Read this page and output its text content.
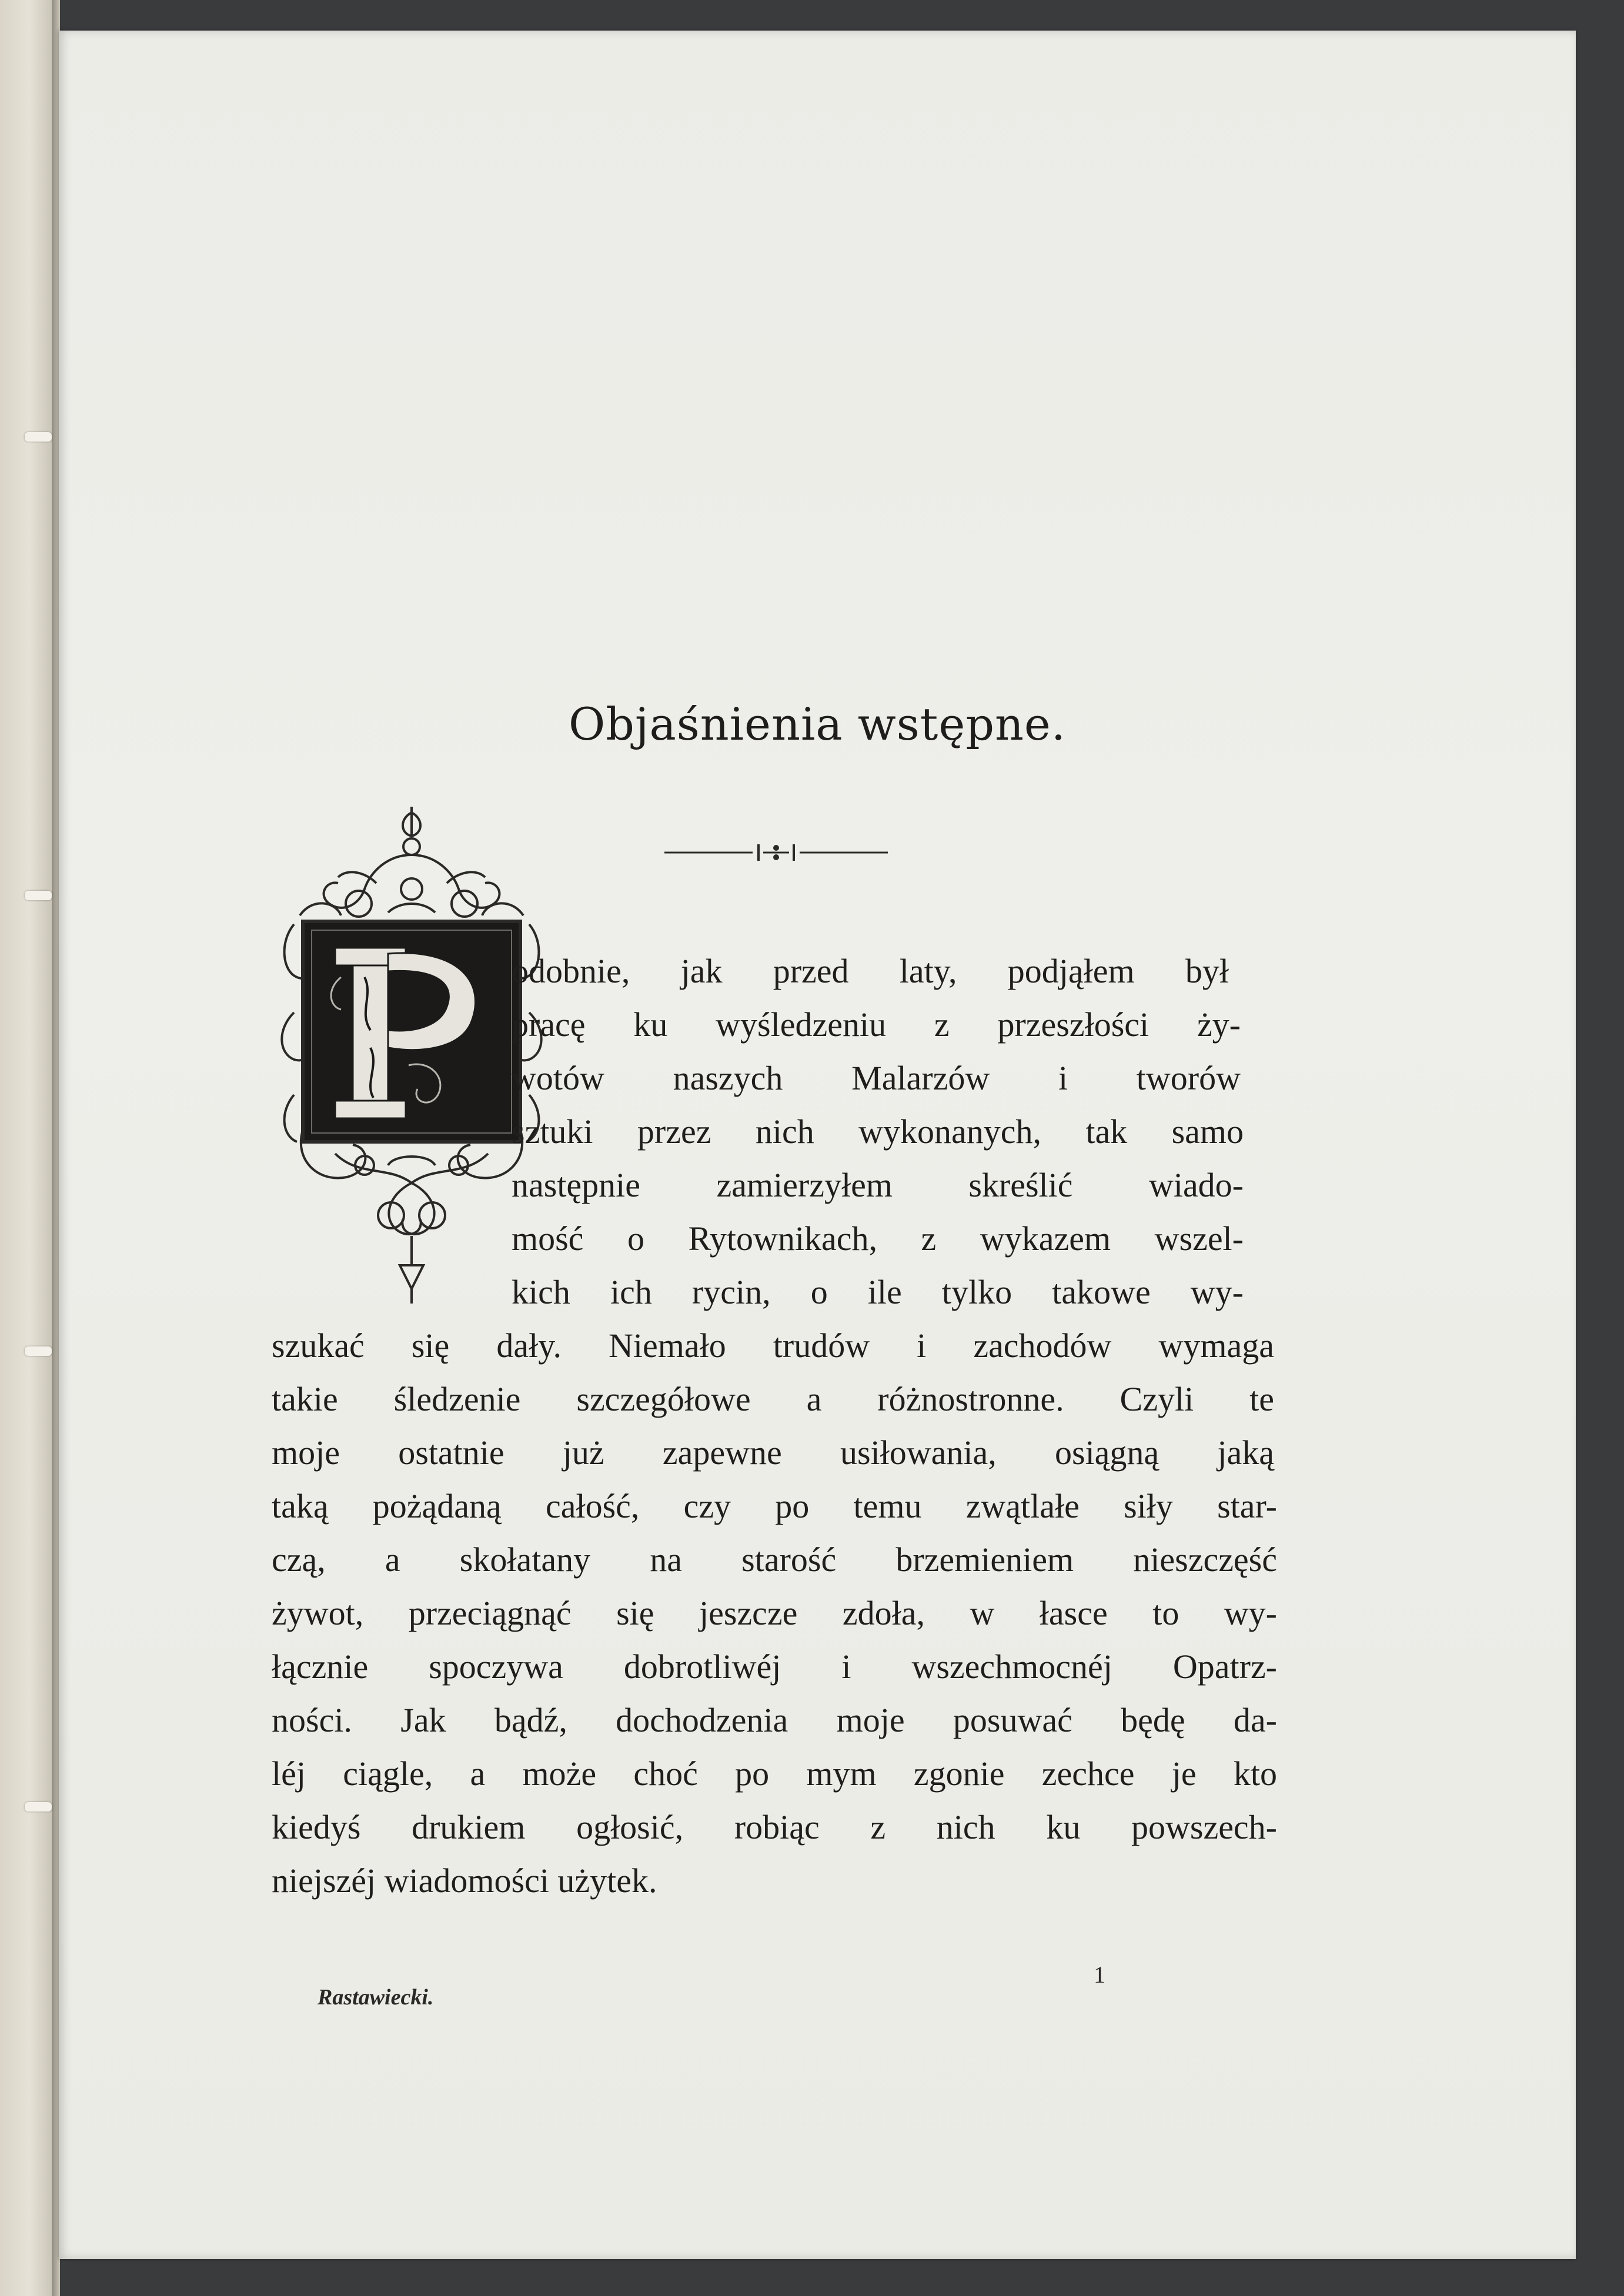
Objaśnienia wstępne.
odobnie, jak przed laty, podjąłem był
pracę ku wyśledzeniu z przeszłości ży-
wotów naszych Malarzów i tworów
sztuki przez nich wykonanych, tak samo
następnie zamierzyłem skreślić wiado-
mość o Rytownikach, z wykazem wszel-
kich ich rycin, o ile tylko takowe wy-
szukać się dały. Niemało trudów i zachodów wymaga
takie śledzenie szczegółowe a różnostronne. Czyli te
moje ostatnie już zapewne usiłowania, osiągną jaką
taką pożądaną całość, czy po temu zwątlałe siły star-
czą, a skołatany na starość brzemieniem nieszczęść
żywot, przeciągnąć się jeszcze zdoła, w łasce to wy-
łącznie spoczywa dobrotliwéj i wszechmocnéj Opatrz-
ności. Jak bądź, dochodzenia moje posuwać będę da-
léj ciągle, a może choć po mym zgonie zechce je kto
kiedyś drukiem ogłosić, robiąc z nich ku powszech-
niejszéj wiadomości użytek.
Rastawiecki.
1
